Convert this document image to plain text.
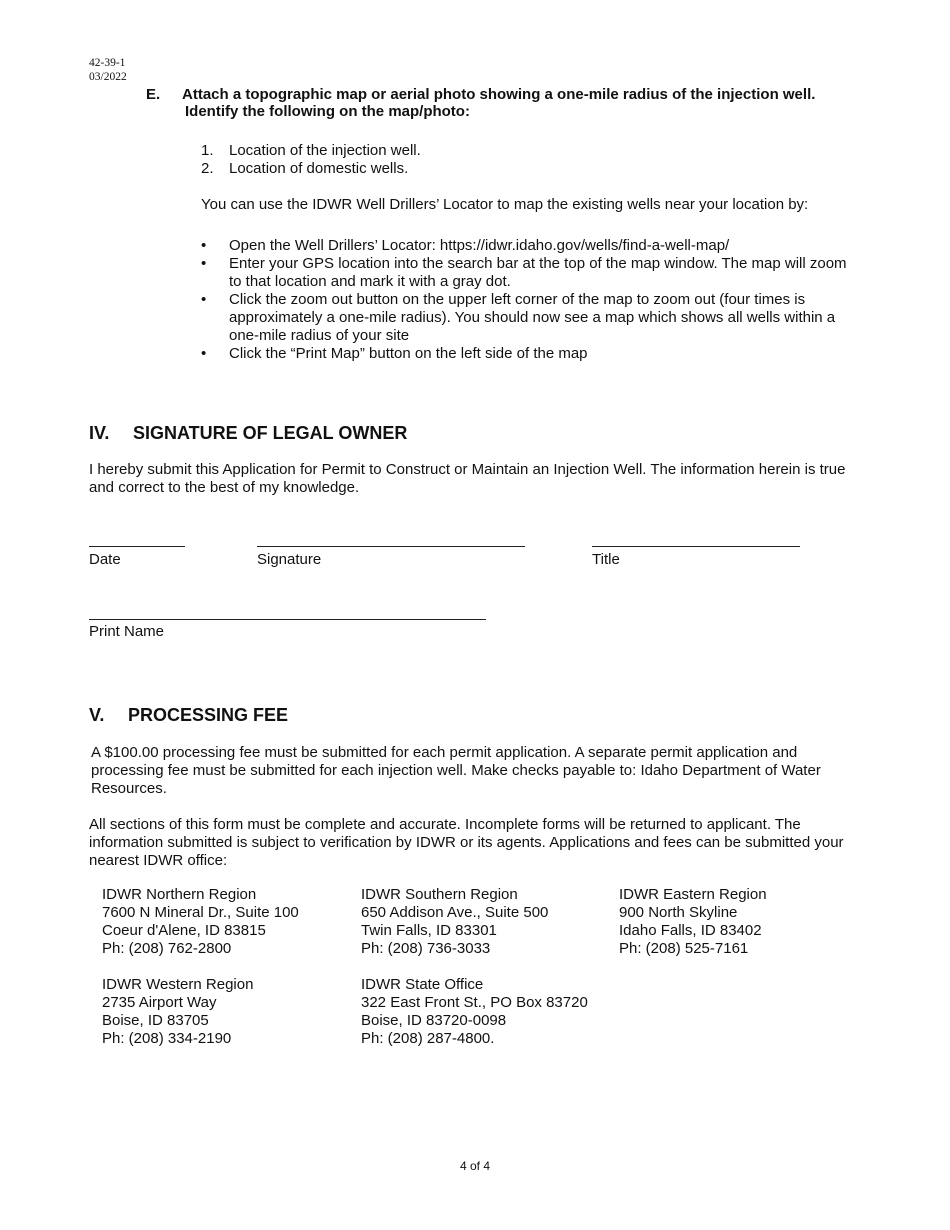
42-39-1
03/2022
E. Attach a topographic map or aerial photo showing a one-mile radius of the injection well.
Identify the following on the map/photo:
1.	Location of the injection well.
2.	Location of domestic wells.
You can use the IDWR Well Drillers’ Locator to map the existing wells near your location by:
•	Open the Well Drillers’ Locator: https://idwr.idaho.gov/wells/find-a-well-map/
•	Enter your GPS location into the search bar at the top of the map window. The map will zoom to that location and mark it with a gray dot.
•	Click the zoom out button on the upper left corner of the map to zoom out (four times is approximately a one-mile radius). You should now see a map which shows all wells within a one-mile radius of your site
•	Click the “Print Map” button on the left side of the map
IV. SIGNATURE OF LEGAL OWNER
I hereby submit this Application for Permit to Construct or Maintain an Injection Well. The information herein is true and correct to the best of my knowledge.
Date	Signature	Title
Print Name
V. PROCESSING FEE
A $100.00 processing fee must be submitted for each permit application. A separate permit application and processing fee must be submitted for each injection well. Make checks payable to: Idaho Department of Water Resources.
All sections of this form must be complete and accurate. Incomplete forms will be returned to applicant. The information submitted is subject to verification by IDWR or its agents. Applications and fees can be submitted your nearest IDWR office:
IDWR Northern Region
7600 N Mineral Dr., Suite 100
Coeur d'Alene, ID 83815
Ph: (208) 762-2800
IDWR Southern Region
650 Addison Ave., Suite 500
Twin Falls, ID 83301
Ph: (208) 736-3033
IDWR Eastern Region
900 North Skyline
Idaho Falls, ID 83402
Ph: (208) 525-7161
IDWR Western Region
2735 Airport Way
Boise, ID 83705
Ph: (208) 334-2190
IDWR State Office
322 East Front St., PO Box 83720
Boise, ID 83720-0098
Ph: (208) 287-4800.
4 of 4
